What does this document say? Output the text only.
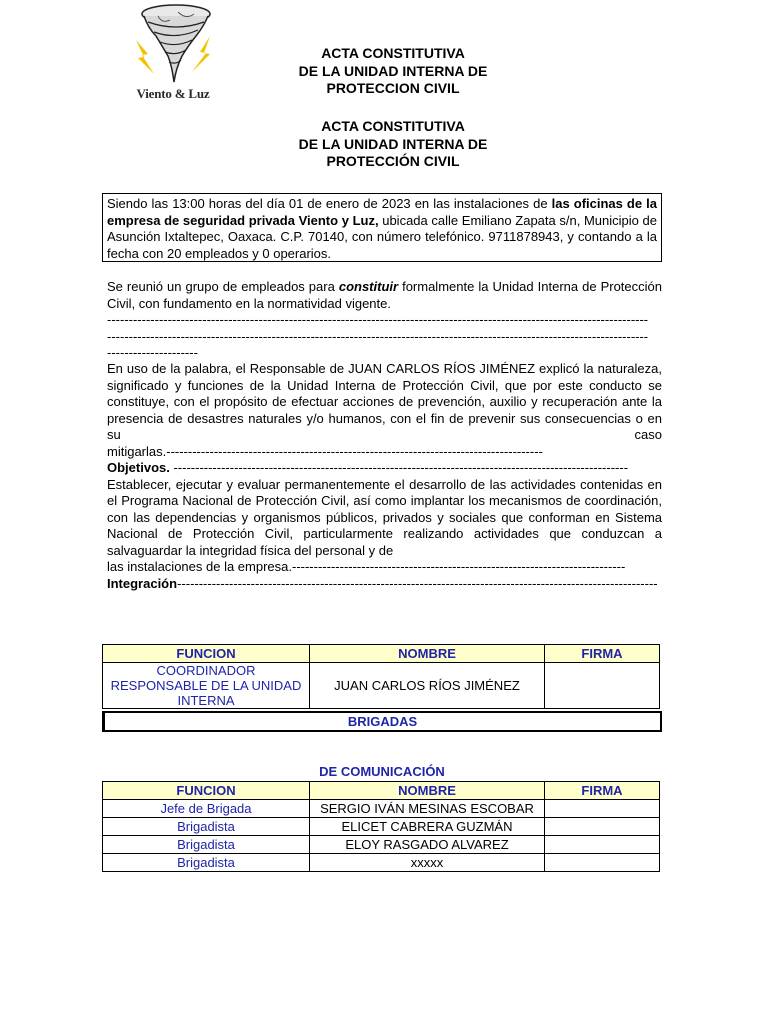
Viento & Luz
ACTA CONSTITUTIVA
DE LA UNIDAD INTERNA DE
PROTECCION CIVIL
ACTA CONSTITUTIVA
DE LA UNIDAD INTERNA DE
PROTECCIÓN CIVIL
Siendo las 13:00 horas del día 01 de enero de 2023 en las instalaciones de las oficinas de la empresa de seguridad privada Viento y Luz, ubicada calle Emiliano Zapata s/n, Municipio de Asunción Ixtaltepec, Oaxaca. C.P. 70140, con número telefónico. 9711878943, y contando a la fecha con 20 empleados y 0 operarios.
Se reunió un grupo de empleados para constituir formalmente la Unidad Interna de Protección Civil, con fundamento en la normatividad vigente.
-----------------------------------------------------------------------------------------------------------------------------
-----------------------------------------------------------------------------------------------------------------------------
---------------------
En uso de la palabra, el Responsable de JUAN CARLOS RÍOS JIMÉNEZ explicó la naturaleza, significado y funciones de la Unidad Interna de Protección Civil, que por este conducto se constituye, con el propósito de efectuar acciones de prevención, auxilio y recuperación ante la presencia de desastres naturales y/o humanos, con el fin de prevenir sus consecuencias o en su caso
mitigarlas.---------------------------------------------------------------------------------------
Objetivos. ---------------------------------------------------------------------------------------------------------
Establecer, ejecutar y evaluar permanentemente el desarrollo de las actividades contenidas en el Programa Nacional de Protección Civil, así como implantar los mecanismos de coordinación, con las dependencias y organismos públicos, privados y sociales que conforman en Sistema Nacional de Protección Civil, particularmente realizando actividades que conduzcan a salvaguardar la integridad física del personal y de
las instalaciones de la empresa.-----------------------------------------------------------------------------
Integración---------------------------------------------------------------------------------------------------------------
FUNCION	NOMBRE	FIRMA
COORDINADOR RESPONSABLE DE LA UNIDAD INTERNA	JUAN CARLOS RÍOS JIMÉNEZ	
BRIGADAS
DE COMUNICACIÓN
FUNCION	NOMBRE	FIRMA
Jefe de Brigada	SERGIO IVÁN MESINAS ESCOBAR	
Brigadista	ELICET CABRERA GUZMÁN	
Brigadista	ELOY RASGADO ALVAREZ	
Brigadista	xxxxx	
